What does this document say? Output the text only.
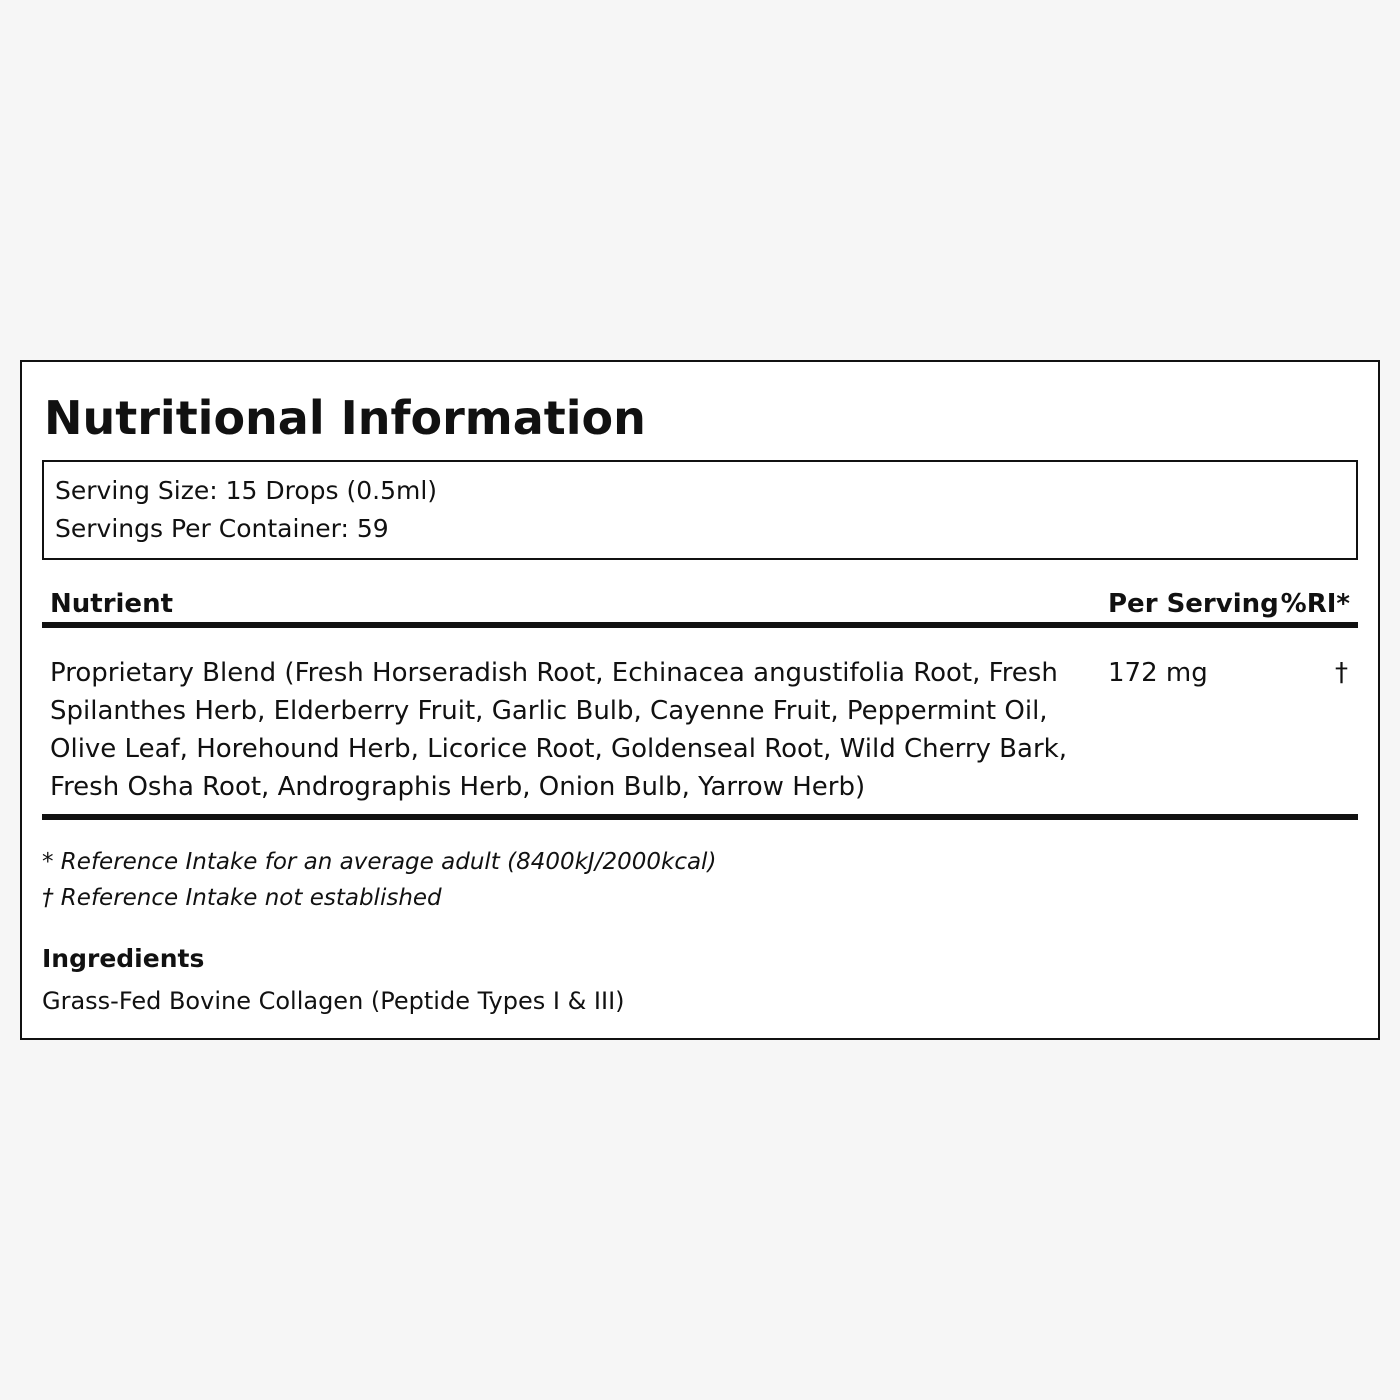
Nutritional Information
Serving Size: 15 Drops (0.5ml)
Servings Per Container: 59
Nutrient	Per Serving %RI*
Proprietary Blend (Fresh Horseradish Root, Echinacea angustifolia Root, Fresh Spilanthes Herb, Elderberry Fruit, Garlic Bulb, Cayenne Fruit, Peppermint Oil, Olive Leaf, Horehound Herb, Licorice Root, Goldenseal Root, Wild Cherry Bark, Fresh Osha Root, Andrographis Herb, Onion Bulb, Yarrow Herb)
172 mg	†
* Reference Intake for an average adult (8400kJ/2000kcal)
† Reference Intake not established
Ingredients
Grass-Fed Bovine Collagen (Peptide Types I & III)
